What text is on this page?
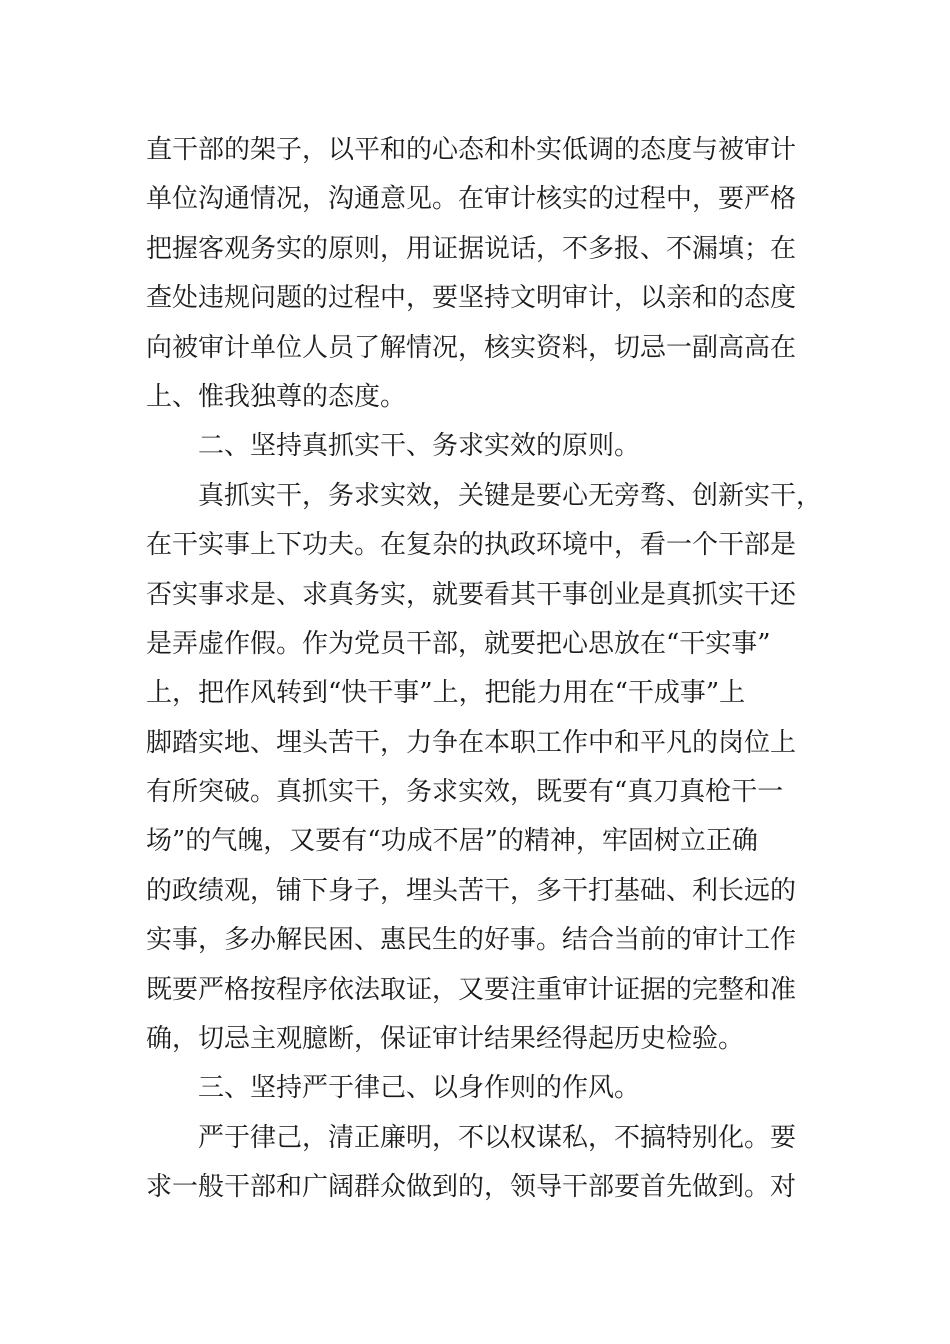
直干部的架子，以平和的心态和朴实低调的态度与被审计
单位沟通情况，沟通意见。在审计核实的过程中，要严格
把握客观务实的原则，用证据说话，不多报、不漏填；在
查处违规问题的过程中，要坚持文明审计，以亲和的态度
向被审计单位人员了解情况，核实资料，切忌一副高高在
上、惟我独尊的态度。
二、坚持真抓实干、务求实效的原则。
真抓实干，务求实效，关键是要心无旁骛、创新实干，
在干实事上下功夫。在复杂的执政环境中，看一个干部是
否实事求是、求真务实，就要看其干事创业是真抓实干还
是弄虚作假。作为党员干部，就要把心思放在“干实事”
上，把作风转到“快干事”上，把能力用在“干成事”上
脚踏实地、埋头苦干，力争在本职工作中和平凡的岗位上
有所突破。真抓实干，务求实效，既要有“真刀真枪干一
场”的气魄，又要有“功成不居”的精神，牢固树立正确
的政绩观，铺下身子，埋头苦干，多干打基础、利长远的
实事，多办解民困、惠民生的好事。结合当前的审计工作
既要严格按程序依法取证，又要注重审计证据的完整和准
确，切忌主观臆断，保证审计结果经得起历史检验。
三、坚持严于律己、以身作则的作风。
严于律己，清正廉明，不以权谋私，不搞特别化。要
求一般干部和广阔群众做到的，领导干部要首先做到。对
